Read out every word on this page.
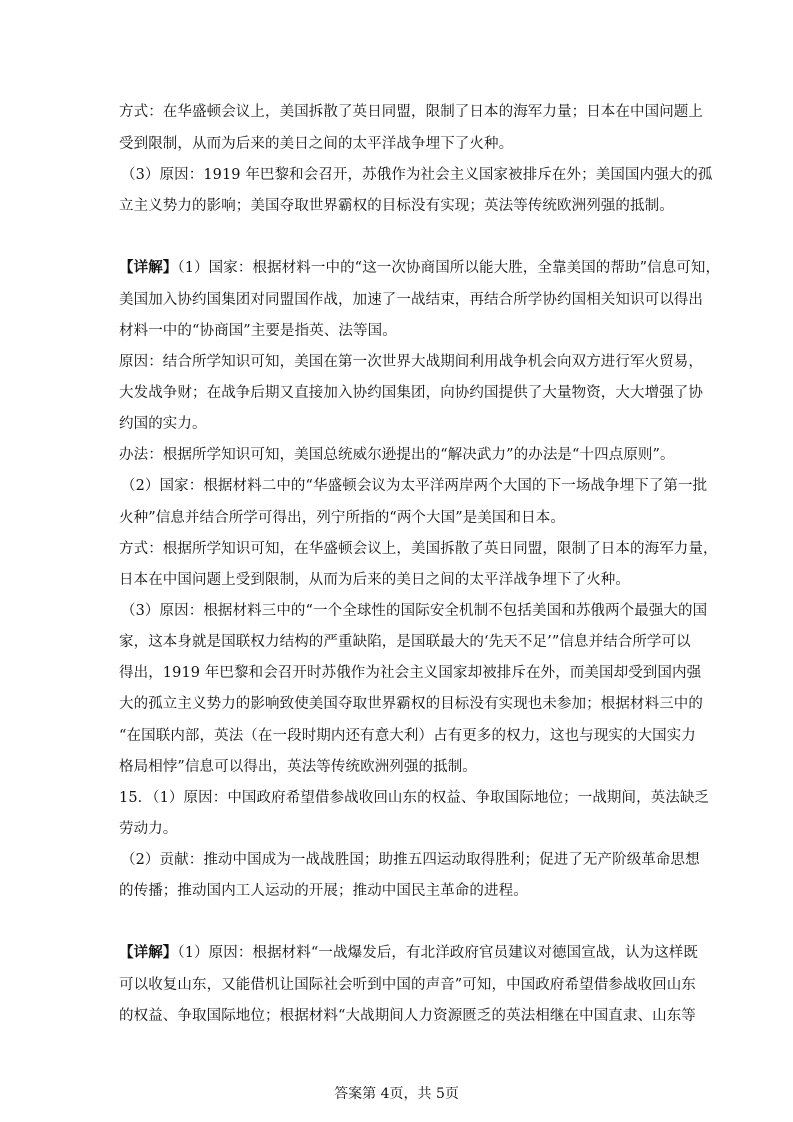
方式：在华盛顿会议上，美国拆散了英日同盟，限制了日本的海军力量；日本在中国问题上
受到限制，从而为后来的美日之间的太平洋战争埋下了火种。
（3）原因：1919 年巴黎和会召开，苏俄作为社会主义国家被排斥在外；美国国内强大的孤
立主义势力的影响；美国夺取世界霸权的目标没有实现；英法等传统欧洲列强的抵制。
【详解】（1）国家：根据材料一中的“这一次协商国所以能大胜，全靠美国的帮助”信息可知，
美国加入协约国集团对同盟国作战，加速了一战结束，再结合所学协约国相关知识可以得出
材料一中的“协商国”主要是指英、法等国。
原因：结合所学知识可知，美国在第一次世界大战期间利用战争机会向双方进行军火贸易，
大发战争财；在战争后期又直接加入协约国集团，向协约国提供了大量物资，大大增强了协
约国的实力。
办法：根据所学知识可知，美国总统威尔逊提出的“解决武力”的办法是“十四点原则”。
（2）国家：根据材料二中的“华盛顿会议为太平洋两岸两个大国的下一场战争埋下了第一批
火种”信息并结合所学可得出，列宁所指的“两个大国”是美国和日本。
方式：根据所学知识可知，在华盛顿会议上，美国拆散了英日同盟，限制了日本的海军力量，
日本在中国问题上受到限制，从而为后来的美日之间的太平洋战争埋下了火种。
（3）原因：根据材料三中的“一个全球性的国际安全机制不包括美国和苏俄两个最强大的国
家，这本身就是国联权力结构的严重缺陷，是国联最大的‘先天不足’”信息并结合所学可以
得出，1919 年巴黎和会召开时苏俄作为社会主义国家却被排斥在外，而美国却受到国内强
大的孤立主义势力的影响致使美国夺取世界霸权的目标没有实现也未参加；根据材料三中的
“在国联内部，英法（在一段时期内还有意大利）占有更多的权力，这也与现实的大国实力
格局相悖”信息可以得出，英法等传统欧洲列强的抵制。
15．（1）原因：中国政府希望借参战收回山东的权益、争取国际地位；一战期间，英法缺乏
劳动力。
（2）贡献：推动中国成为一战战胜国；助推五四运动取得胜利；促进了无产阶级革命思想
的传播；推动国内工人运动的开展；推动中国民主革命的进程。
【详解】（1）原因：根据材料“一战爆发后，有北洋政府官员建议对德国宣战，认为这样既
可以收复山东，又能借机让国际社会听到中国的声音”可知，中国政府希望借参战收回山东
的权益、争取国际地位；根据材料“大战期间人力资源匮乏的英法相继在中国直隶、山东等
答案第 4页，共 5页
